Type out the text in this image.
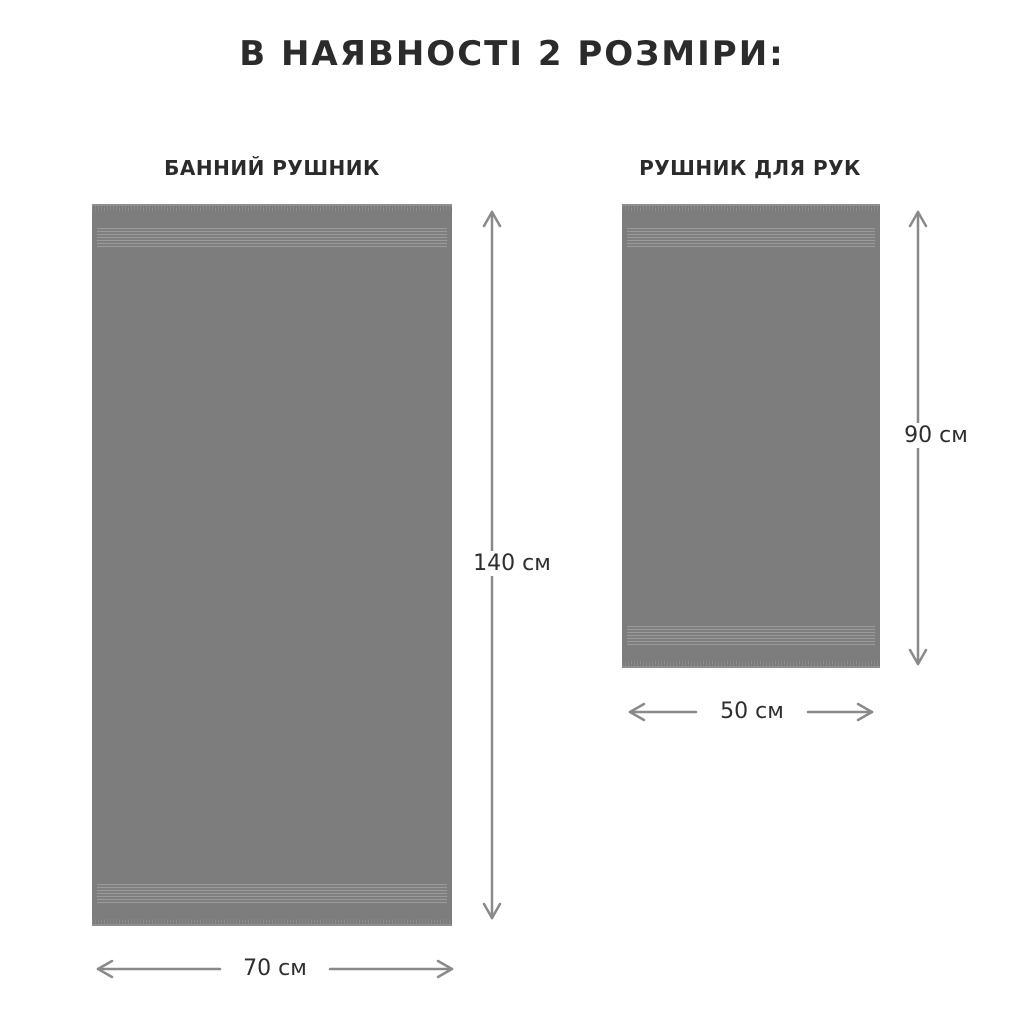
В НАЯВНОСТІ 2 РОЗМІРИ:
БАННИЙ РУШНИК	РУШНИК ДЛЯ РУК
140 см
70 см
90 см
50 см
